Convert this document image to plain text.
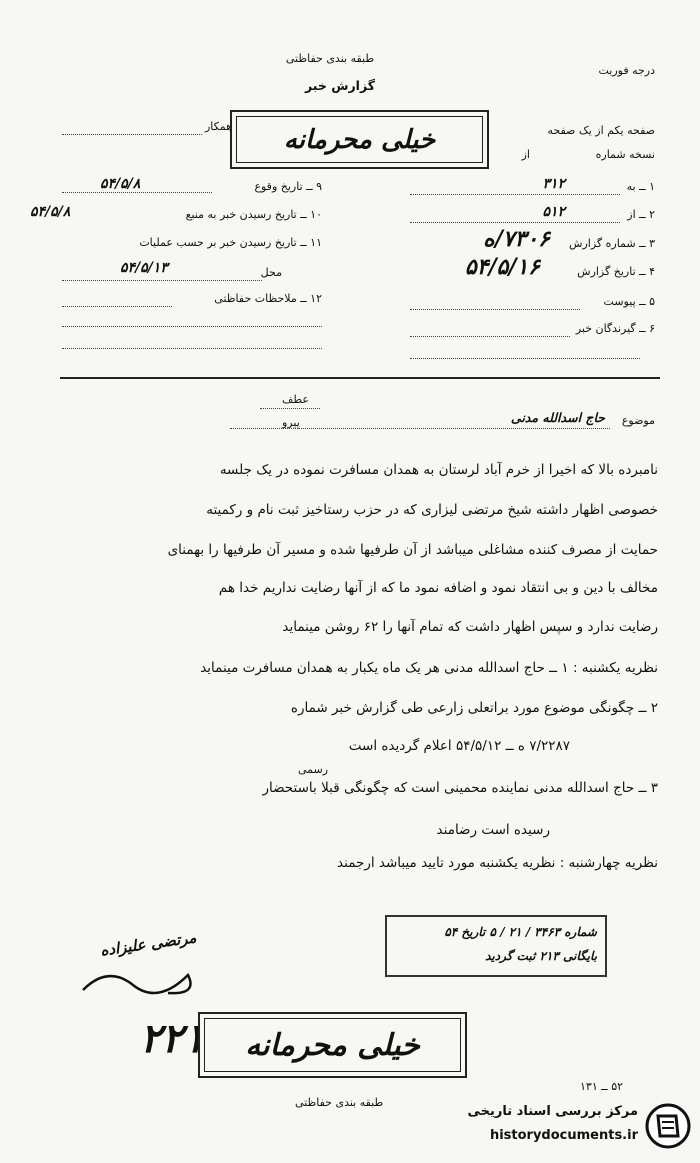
طبقه بندی حفاظتی
گزارش خبر
درجه فوریت
صفحه یکم از یک صفحه
نسخه شماره
از
همکار خیلی محرمانه
۱ ــ به
۳۱۲
۲ ــ از
۵۱۲
۳ ــ شماره گزارش
۷۳۰۶/ه
۴ ــ تاریخ گزارش
۵۴/۵/۱۶
۵ ــ پیوست
۶ ــ گیرندگان خبر
۹ ــ تاریخ وقوع
۵۴/۵/۸
۱۰ ــ تاریخ رسیدن خبر به منبع
۵۴/۵/۸
۱۱ ــ تاریخ رسیدن خبر بر حسب عملیات
محل
۵۴/۵/۱۳
۱۲ ــ ملاحظات حفاظتی
عطف
پیرو	موضوع
حاج اسدالله مدنی
نامبرده بالا که اخیرا از خرم آباد لرستان به همدان مسافرت نموده در یک جلسه
خصوصی اظهار داشته شیخ مرتضی لیزاری که در حزب رستاخیز ثبت نام و رکمیته
حمایت از مصرف کننده مشاغلی میباشد از آن طرفیها شده و مسیر آن طرفیها را بهمنای
مخالف با دین و بی انتقاد نمود و اضافه نمود ما که از آنها رضایت نداریم خدا هم
رضایت ندارد و سپس اظهار داشت که تمام آنها را ۶۲ روشن مینماید
نظریه یکشنبه : ۱ ــ حاج اسدالله مدنی هر یک ماه یکبار به همدان مسافرت مینماید
۲ ــ چگونگی موضوع مورد براتعلی زارعی طی گزارش خبر شماره
۷/۲۲۸۷ ه ــ ۵۴/۵/۱۲ اعلام گردیده است
رسمی
۳ ــ حاج اسدالله مدنی نماینده محمینی است که چگونگی قبلا باستحضار
رسیده است رضامند
نظریه چهارشنبه : نظریه یکشنبه مورد تایید میباشد ارجمند
شماره ۳۴۶۳ / ۲۱ / ۵ تاریخ ۵۴
بایگانی ۲۱۳ ثبت گردید
مرتضی علیزاده
۲۲۱ خیلی محرمانه
طبقه بندی حفاظتی
۵۲ ــ ۱۳۱
مرکز بررسی اسناد تاریخی
historydocuments.ir
